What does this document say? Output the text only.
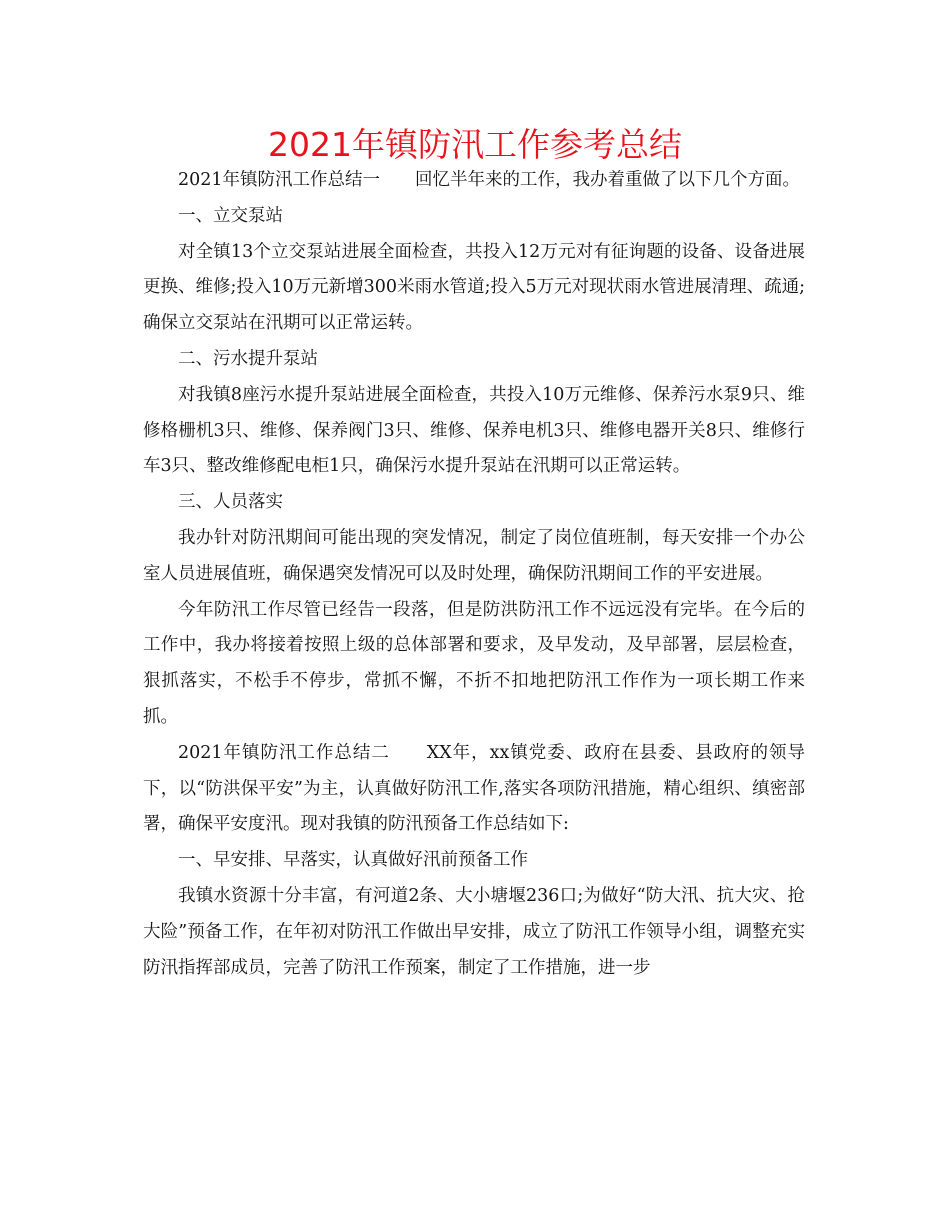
2021年镇防汛工作参考总结

2021年镇防汛工作总结一　　回忆半年来的工作，我办着重做了以下几个方面。

一、立交泵站

对全镇13个立交泵站进展全面检查，共投入12万元对有征询题的设备、设备进展更换、维修;投入10万元新增300米雨水管道;投入5万元对现状雨水管进展清理、疏通;确保立交泵站在汛期可以正常运转。

二、污水提升泵站

对我镇8座污水提升泵站进展全面检查，共投入10万元维修、保养污水泵9只、维修格栅机3只、维修、保养阀门3只、维修、保养电机3只、维修电器开关8只、维修行车3只、整改维修配电柜1只，确保污水提升泵站在汛期可以正常运转。

三、人员落实

我办针对防汛期间可能出现的突发情况，制定了岗位值班制，每天安排一个办公室人员进展值班，确保遇突发情况可以及时处理，确保防汛期间工作的平安进展。

今年防汛工作尽管已经告一段落，但是防洪防汛工作不远远没有完毕。在今后的工作中，我办将接着按照上级的总体部署和要求，及早发动，及早部署，层层检查，狠抓落实，不松手不停步，常抓不懈，不折不扣地把防汛工作作为一项长期工作来抓。

2021年镇防汛工作总结二　　XX年，xx镇党委、政府在县委、县政府的领导下，以“防洪保平安”为主，认真做好防汛工作,落实各项防汛措施，精心组织、缜密部署，确保平安度汛。现对我镇的防汛预备工作总结如下:

一、早安排、早落实，认真做好汛前预备工作

我镇水资源十分丰富，有河道2条、大小塘堰236口;为做好“防大汛、抗大灾、抢大险”预备工作，在年初对防汛工作做出早安排，成立了防汛工作领导小组，调整充实防汛指挥部成员，完善了防汛工作预案，制定了工作措施，进一步
